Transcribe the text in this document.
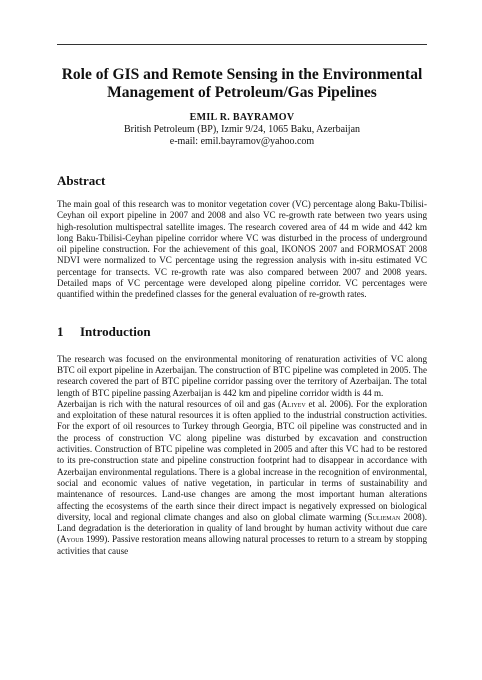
Role of GIS and Remote Sensing in the Environmental Management of Petroleum/Gas Pipelines
EMIL R. BAYRAMOV
British Petroleum (BP), Izmir 9/24, 1065 Baku, Azerbaijan
e-mail: emil.bayramov@yahoo.com
Abstract

The main goal of this research was to monitor vegetation cover (VC) percentage along Baku-Tbilisi-Ceyhan oil export pipeline in 2007 and 2008 and also VC re-growth rate between two years using high-resolution multispectral satellite images. The research covered area of 44 m wide and 442 km long Baku-Tbilisi-Ceyhan pipeline corridor where VC was disturbed in the process of underground oil pipeline construction. For the achievement of this goal, IKONOS 2007 and FORMOSAT 2008 NDVI were normalized to VC percentage using the regression analysis with in-situ estimated VC percentage for transects. VC re-growth rate was also compared between 2007 and 2008 years. Detailed maps of VC percentage were developed along pipeline corridor. VC percentages were quantified within the predefined classes for the general evaluation of re-growth rates.

1 Introduction

The research was focused on the environmental monitoring of renaturation activities of VC along BTC oil export pipeline in Azerbaijan. The construction of BTC pipeline was completed in 2005. The research covered the part of BTC pipeline corridor passing over the territory of Azerbaijan. The total length of BTC pipeline passing Azerbaijan is 442 km and pipeline corridor width is 44 m.

Azerbaijan is rich with the natural resources of oil and gas (Aliyev et al. 2006). For the exploration and exploitation of these natural resources it is often applied to the industrial construction activities. For the export of oil resources to Turkey through Georgia, BTC oil pipeline was constructed and in the process of construction VC along pipeline was disturbed by excavation and construction activities. Construction of BTC pipeline was completed in 2005 and after this VC had to be restored to its pre-construction state and pipeline construction footprint had to disappear in accordance with Azerbaijan environmental regulations. There is a global increase in the recognition of environmental, social and economic values of native vegetation, in particular in terms of sustainability and maintenance of resources. Land-use changes are among the most important human alterations affecting the ecosystems of the earth since their direct impact is negatively expressed on biological diversity, local and regional climate changes and also on global climate warming (Sulieman 2008). Land degradation is the deterioration in quality of land brought by human activity without due care (Ayoub 1999). Passive restoration means allowing natural processes to return to a stream by stopping activities that cause
